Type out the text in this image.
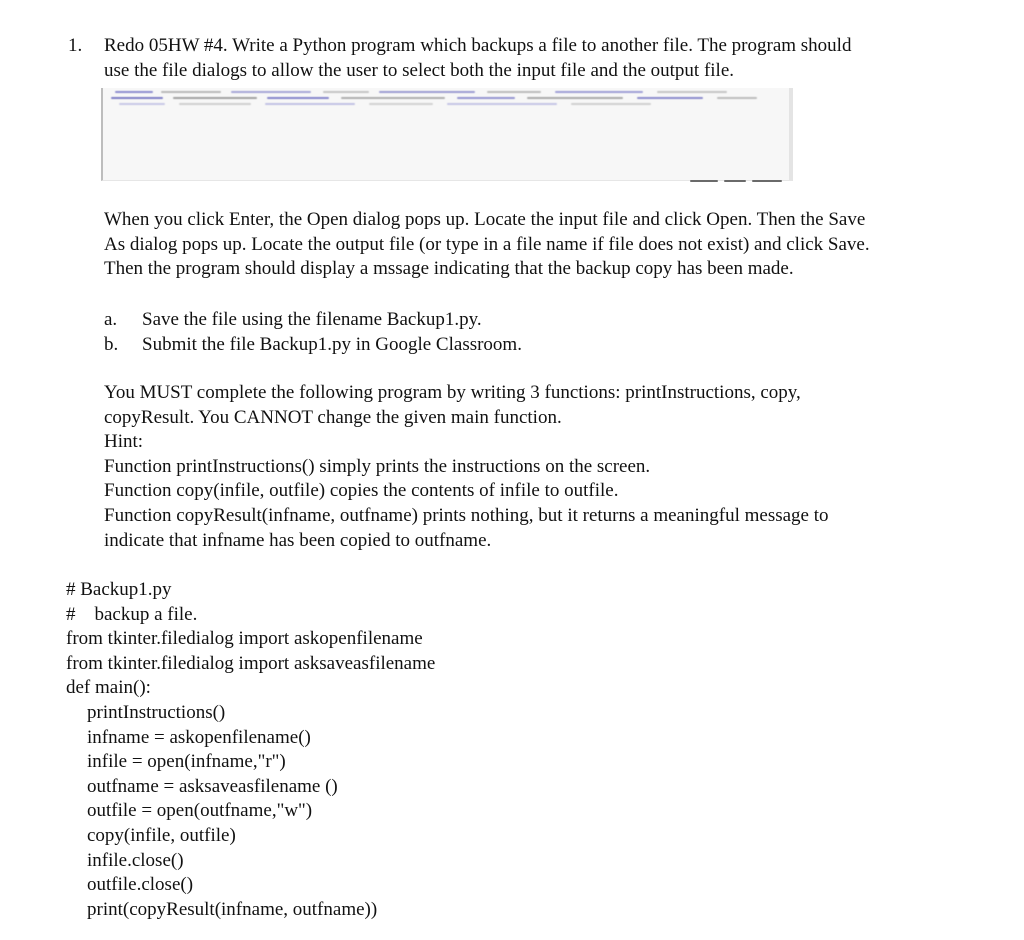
1. Redo 05HW #4. Write a Python program which backups a file to another file. The program should
use the file dialogs to allow the user to select both the input file and the output file.
When you click Enter, the Open dialog pops up. Locate the input file and click Open. Then the Save
As dialog pops up. Locate the output file (or type in a file name if file does not exist) and click Save.
Then the program should display a mssage indicating that the backup copy has been made.
a.	Save the file using the filename Backup1.py.
b.	Submit the file Backup1.py in Google Classroom.
You MUST complete the following program by writing 3 functions: printInstructions, copy,
copyResult. You CANNOT change the given main function.
Hint:
Function printInstructions() simply prints the instructions on the screen.
Function copy(infile, outfile) copies the contents of infile to outfile.
Function copyResult(infname, outfname) prints nothing, but it returns a meaningful message to
indicate that infname has been copied to outfname.
# Backup1.py
#    backup a file.
from tkinter.filedialog import askopenfilename
from tkinter.filedialog import asksaveasfilename
def main():
printInstructions()
infname = askopenfilename()
infile = open(infname,"r")
outfname = asksaveasfilename ()
outfile = open(outfname,"w")
copy(infile, outfile)
infile.close()
outfile.close()
print(copyResult(infname, outfname))
